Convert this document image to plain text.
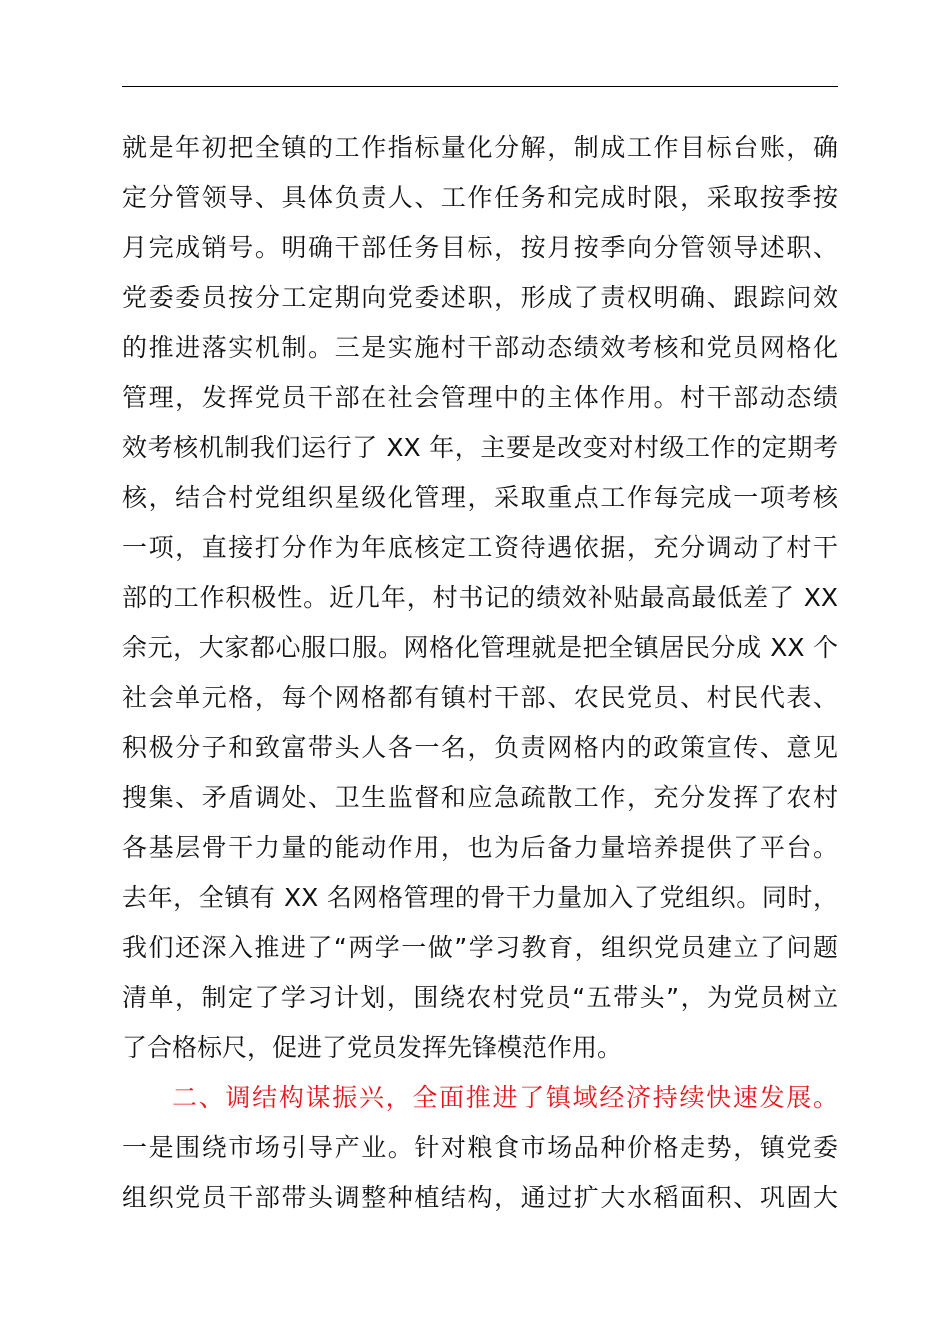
就是年初把全镇的工作指标量化分解，制成工作目标台账，确
定分管领导、具体负责人、工作任务和完成时限，采取按季按
月完成销号。明确干部任务目标，按月按季向分管领导述职、
党委委员按分工定期向党委述职，形成了责权明确、跟踪问效
的推进落实机制。三是实施村干部动态绩效考核和党员网格化
管理，发挥党员干部在社会管理中的主体作用。村干部动态绩
效考核机制我们运行了 XX 年，主要是改变对村级工作的定期考
核，结合村党组织星级化管理，采取重点工作每完成一项考核
一项，直接打分作为年底核定工资待遇依据，充分调动了村干
部的工作积极性。近几年，村书记的绩效补贴最高最低差了 XX
余元，大家都心服口服。网格化管理就是把全镇居民分成 XX 个
社会单元格，每个网格都有镇村干部、农民党员、村民代表、
积极分子和致富带头人各一名，负责网格内的政策宣传、意见
搜集、矛盾调处、卫生监督和应急疏散工作，充分发挥了农村
各基层骨干力量的能动作用，也为后备力量培养提供了平台。
去年，全镇有 XX 名网格管理的骨干力量加入了党组织。同时，
我们还深入推进了“两学一做”学习教育，组织党员建立了问题
清单，制定了学习计划，围绕农村党员“五带头”，为党员树立
了合格标尺，促进了党员发挥先锋模范作用。
二、调结构谋振兴，全面推进了镇域经济持续快速发展。
一是围绕市场引导产业。针对粮食市场品种价格走势，镇党委
组织党员干部带头调整种植结构，通过扩大水稻面积、巩固大
